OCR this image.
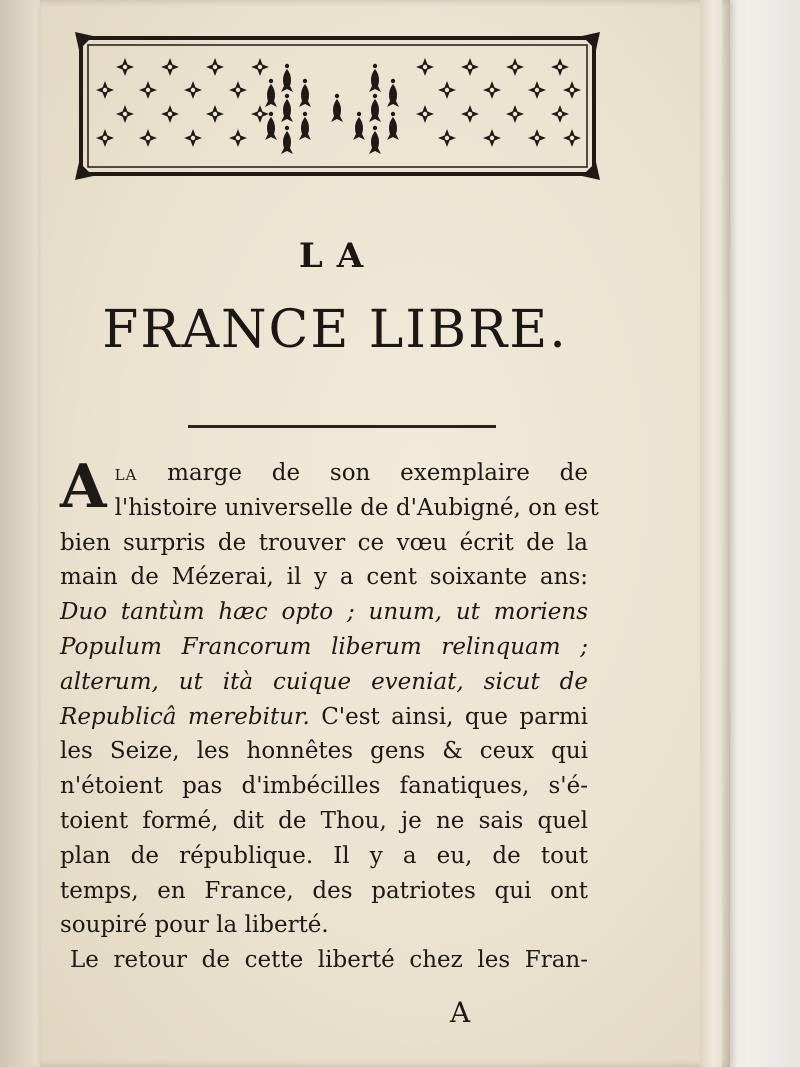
LA
FRANCE LIBRE.
A la marge de son exemplaire de
l'histoire universelle de d'Aubigné, on est
bien surpris de trouver ce vœu écrit de la
main de Mézerai, il y a cent soixante ans:
Duo tantùm hæc opto ; unum, ut moriens
Populum Francorum liberum relinquam ;
alterum, ut ità cuique eveniat, sicut de
Republicâ merebitur. C'est ainsi, que parmi
les Seize, les honnêtes gens & ceux qui
n'étoient pas d'imbécilles fanatiques, s'é-
toient formé, dit de Thou, je ne sais quel
plan de république. Il y a eu, de tout
temps, en France, des patriotes qui ont
soupiré pour la liberté.
Le retour de cette liberté chez les Fran-
A
